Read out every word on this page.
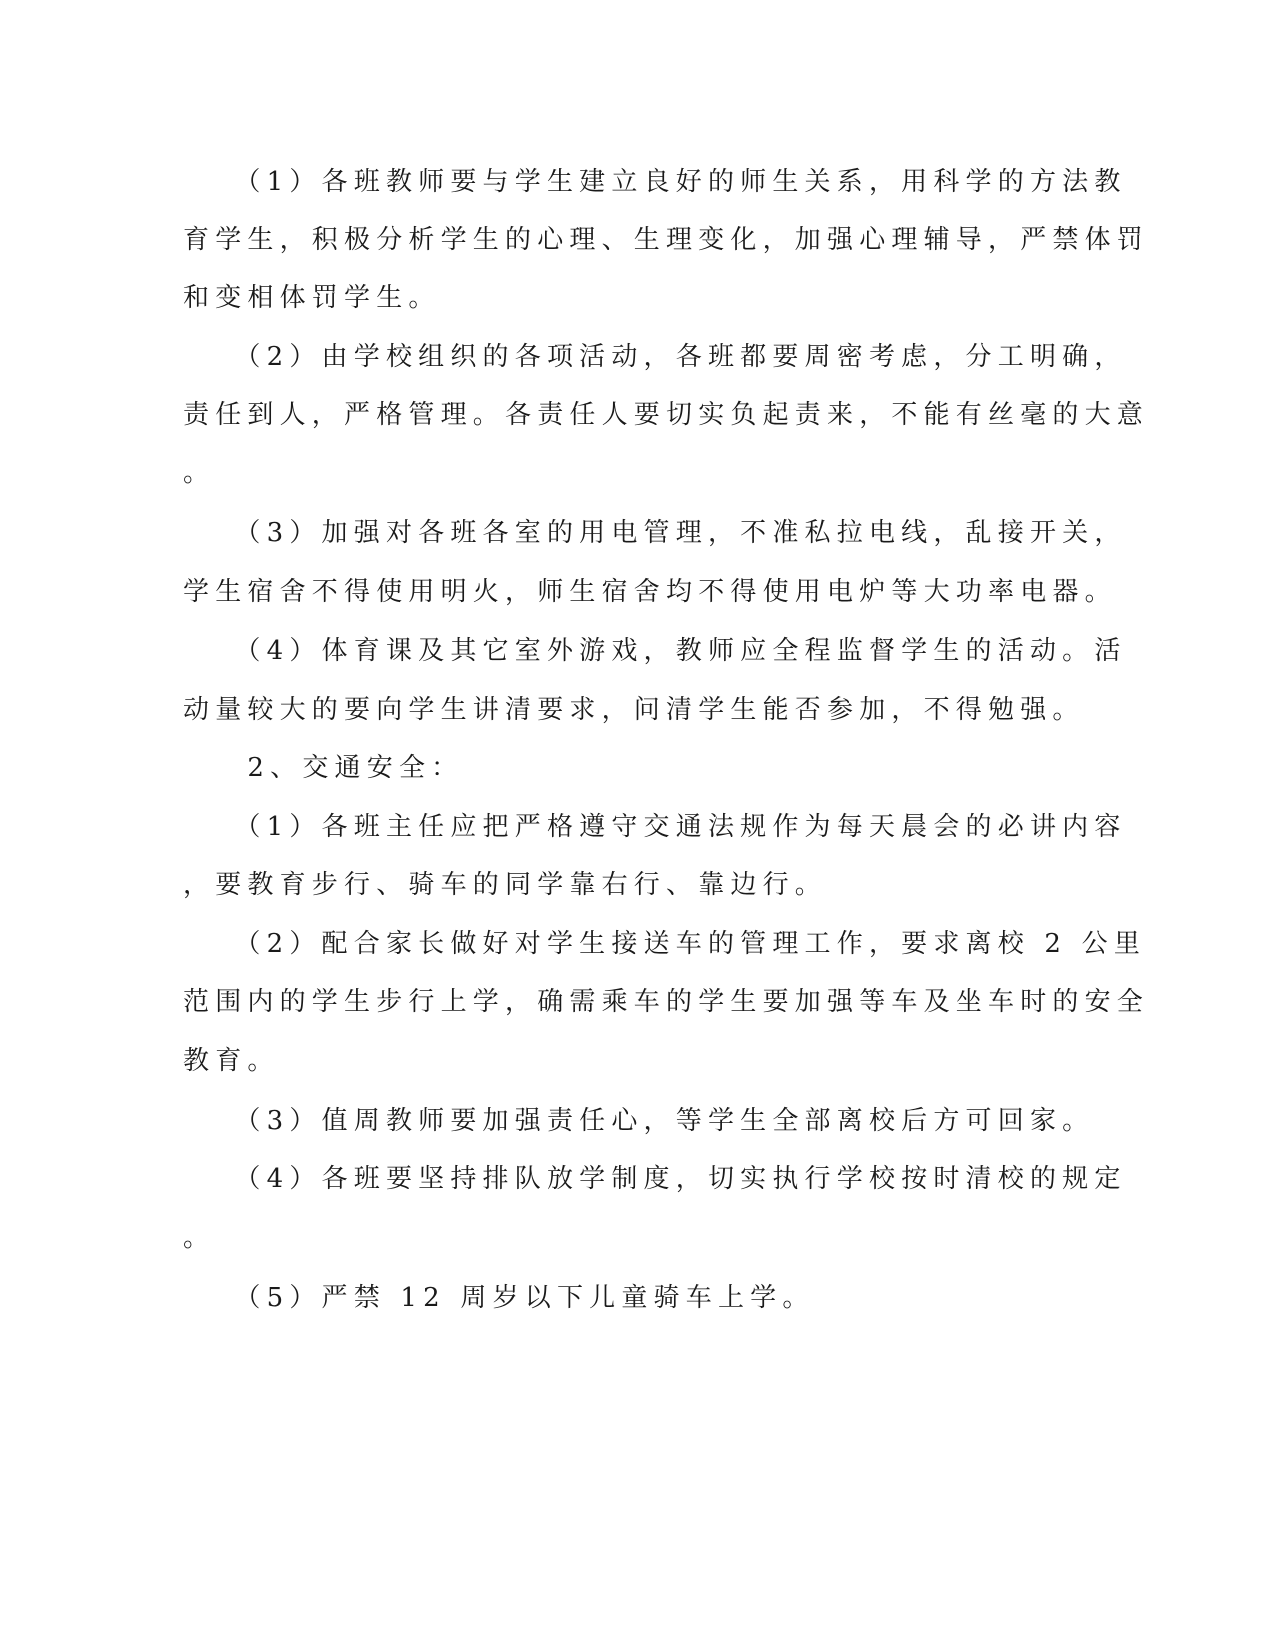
　　（1）各班教师要与学生建立良好的师生关系，用科学的方法教
育学生，积极分析学生的心理、生理变化，加强心理辅导，严禁体罚
和变相体罚学生。
　　（2）由学校组织的各项活动，各班都要周密考虑，分工明确，
责任到人，严格管理。各责任人要切实负起责来，不能有丝毫的大意
。
　　（3）加强对各班各室的用电管理，不准私拉电线，乱接开关，
学生宿舍不得使用明火，师生宿舍均不得使用电炉等大功率电器。
　　（4）体育课及其它室外游戏，教师应全程监督学生的活动。活
动量较大的要向学生讲清要求，问清学生能否参加，不得勉强。
　　2、交通安全：
　　（1）各班主任应把严格遵守交通法规作为每天晨会的必讲内容
，要教育步行、骑车的同学靠右行、靠边行。
　　（2）配合家长做好对学生接送车的管理工作，要求离校 2 公里
范围内的学生步行上学，确需乘车的学生要加强等车及坐车时的安全
教育。
　　（3）值周教师要加强责任心，等学生全部离校后方可回家。
　　（4）各班要坚持排队放学制度，切实执行学校按时清校的规定
。
　　（5）严禁 12 周岁以下儿童骑车上学。
